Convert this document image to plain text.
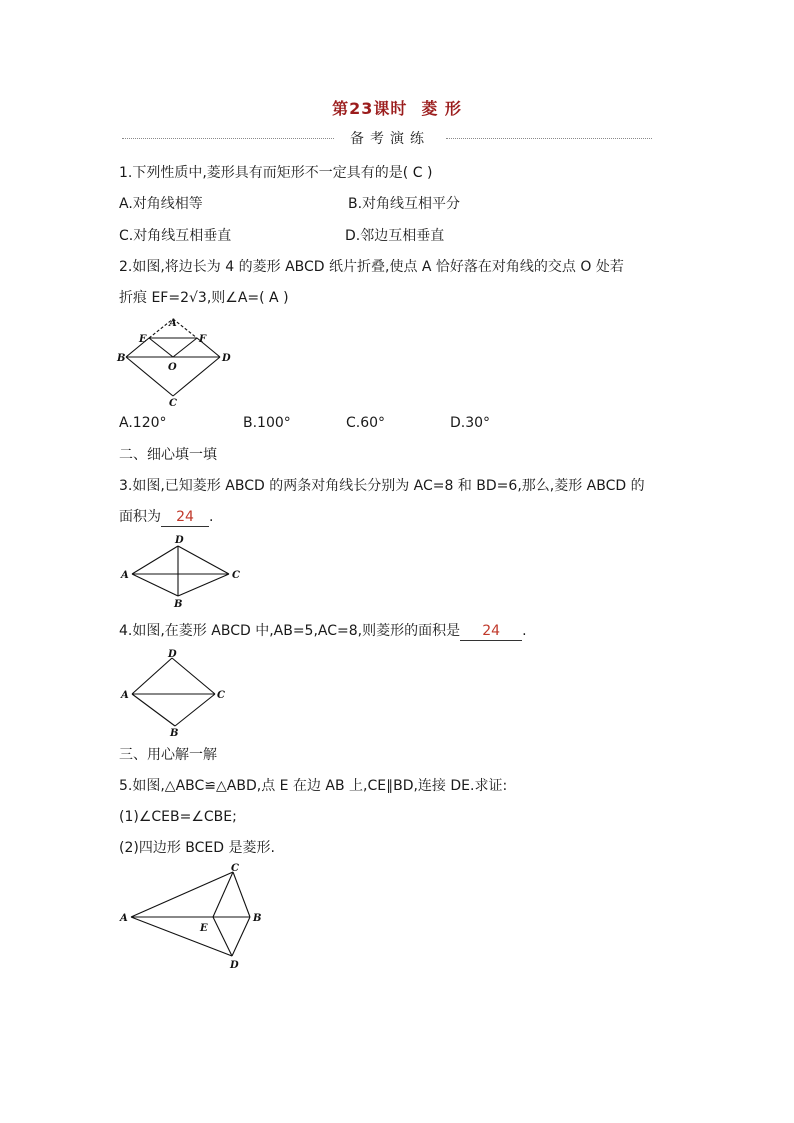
第23课时 菱 形
备考演练
1.下列性质中,菱形具有而矩形不一定具有的是( C )
A.对角线相等	B.对角线互相平分
C.对角线互相垂直	D.邻边互相垂直
2.如图,将边长为 4 的菱形 ABCD 纸片折叠,使点 A 恰好落在对角线的交点 O 处若
折痕 EF=2√3,则∠A=( A )
A
B
C
D
E	F
O
A.120°	B.100°	C.60°	D.30°
二、细心填一填
3.如图,已知菱形 ABCD 的两条对角线长分别为 AC=8 和 BD=6,那么,菱形 ABCD 的
面积为 24 .
A
B
C
D
4.如图,在菱形 ABCD 中,AB=5,AC=8,则菱形的面积是 24 .
A
B
C
D
三、用心解一解
5.如图,△ABC≌△ABD,点 E 在边 AB 上,CE∥BD,连接 DE.求证:
(1)∠CEB=∠CBE;
(2)四边形 BCED 是菱形.
A	B
C
D
E
